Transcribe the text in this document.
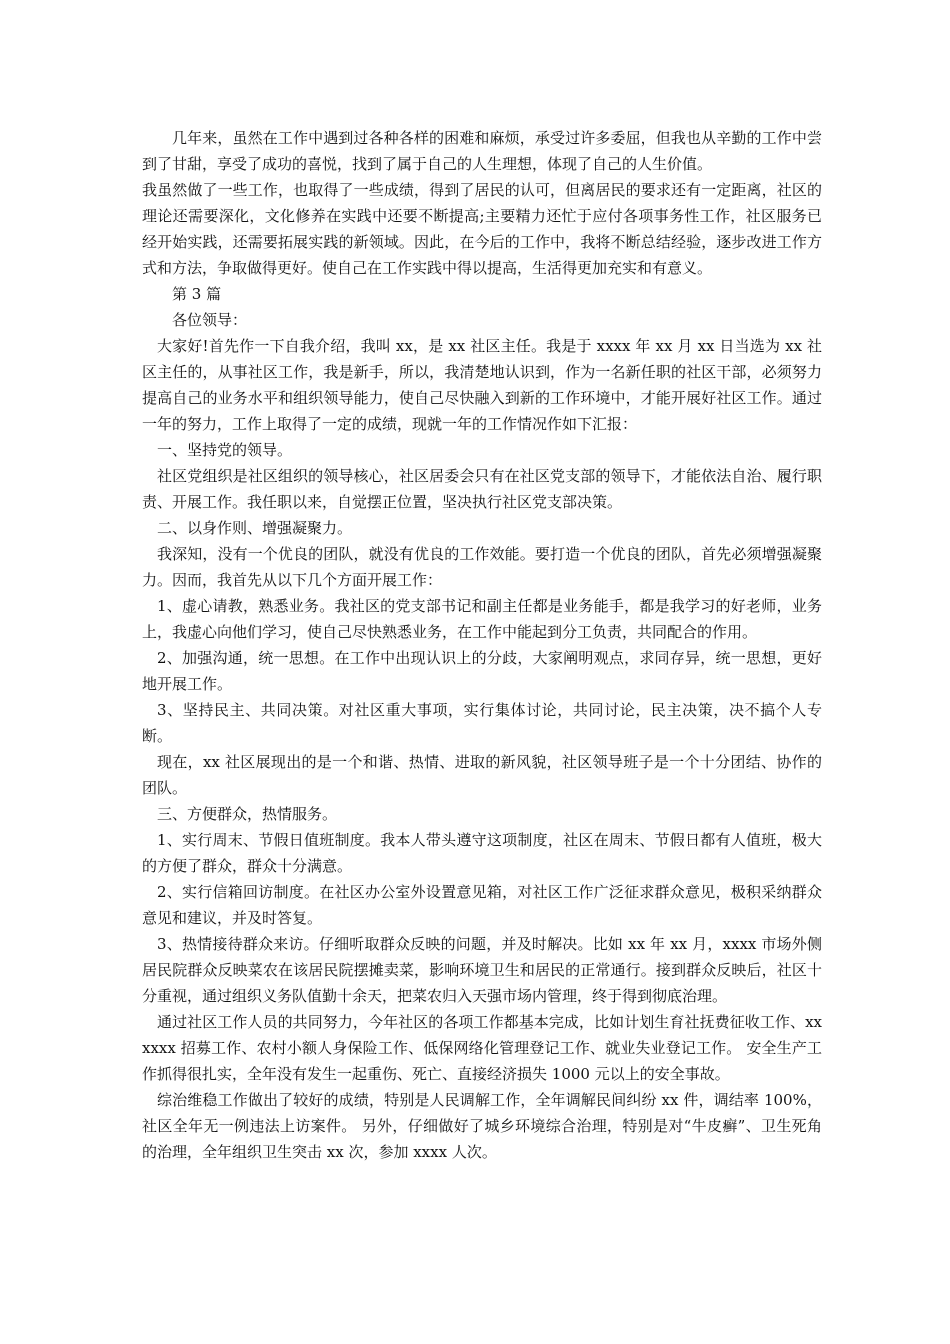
几年来，虽然在工作中遇到过各种各样的困难和麻烦，承受过许多委屈，但我也从辛勤的工作中尝到了甘甜，享受了成功的喜悦，找到了属于自己的人生理想，体现了自己的人生价值。

我虽然做了一些工作，也取得了一些成绩，得到了居民的认可，但离居民的要求还有一定距离，社区的理论还需要深化，文化修养在实践中还要不断提高;主要精力还忙于应付各项事务性工作，社区服务已经开始实践，还需要拓展实践的新领域。因此，在今后的工作中，我将不断总结经验，逐步改进工作方式和方法，争取做得更好。使自己在工作实践中得以提高，生活得更加充实和有意义。

第 3 篇

各位领导：

大家好!首先作一下自我介绍，我叫 xx，是 xx 社区主任。我是于 xxxx 年 xx 月 xx 日当选为 xx 社区主任的，从事社区工作，我是新手，所以，我清楚地认识到，作为一名新任职的社区干部，必须努力提高自己的业务水平和组织领导能力，使自己尽快融入到新的工作环境中，才能开展好社区工作。通过一年的努力，工作上取得了一定的成绩，现就一年的工作情况作如下汇报：

一、坚持党的领导。

社区党组织是社区组织的领导核心，社区居委会只有在社区党支部的领导下，才能依法自治、履行职责、开展工作。我任职以来，自觉摆正位置，坚决执行社区党支部决策。

二、以身作则、增强凝聚力。

我深知，没有一个优良的团队，就没有优良的工作效能。要打造一个优良的团队，首先必须增强凝聚力。因而，我首先从以下几个方面开展工作：

1、虚心请教，熟悉业务。我社区的党支部书记和副主任都是业务能手，都是我学习的好老师，业务上，我虚心向他们学习，使自己尽快熟悉业务，在工作中能起到分工负责，共同配合的作用。

2、加强沟通，统一思想。在工作中出现认识上的分歧，大家阐明观点，求同存异，统一思想，更好地开展工作。

3、坚持民主、共同决策。对社区重大事项，实行集体讨论，共同讨论，民主决策，决不搞个人专断。

现在，xx 社区展现出的是一个和谐、热情、进取的新风貌，社区领导班子是一个十分团结、协作的团队。

三、方便群众，热情服务。

1、实行周末、节假日值班制度。我本人带头遵守这项制度，社区在周末、节假日都有人值班，极大的方便了群众，群众十分满意。

2、实行信箱回访制度。在社区办公室外设置意见箱，对社区工作广泛征求群众意见，极积采纳群众意见和建议，并及时答复。

3、热情接待群众来访。仔细听取群众反映的问题，并及时解决。比如 xx 年 xx 月，xxxx 市场外侧居民院群众反映菜农在该居民院摆摊卖菜，影响环境卫生和居民的正常通行。接到群众反映后，社区十分重视，通过组织义务队值勤十余天，把菜农归入天强市场内管理，终于得到彻底治理。

通过社区工作人员的共同努力，今年社区的各项工作都基本完成，比如计划生育社抚费征收工作、xxxxxx 招募工作、农村小额人身保险工作、低保网络化管理登记工作、就业失业登记工作。 安全生产工作抓得很扎实，全年没有发生一起重伤、死亡、直接经济损失 1000 元以上的安全事故。

综治维稳工作做出了较好的成绩，特别是人民调解工作，全年调解民间纠纷 xx 件，调结率 100%，社区全年无一例违法上访案件。 另外，仔细做好了城乡环境综合治理，特别是对“牛皮癣”、卫生死角的治理，全年组织卫生突击 xx 次，参加 xxxx 人次。
